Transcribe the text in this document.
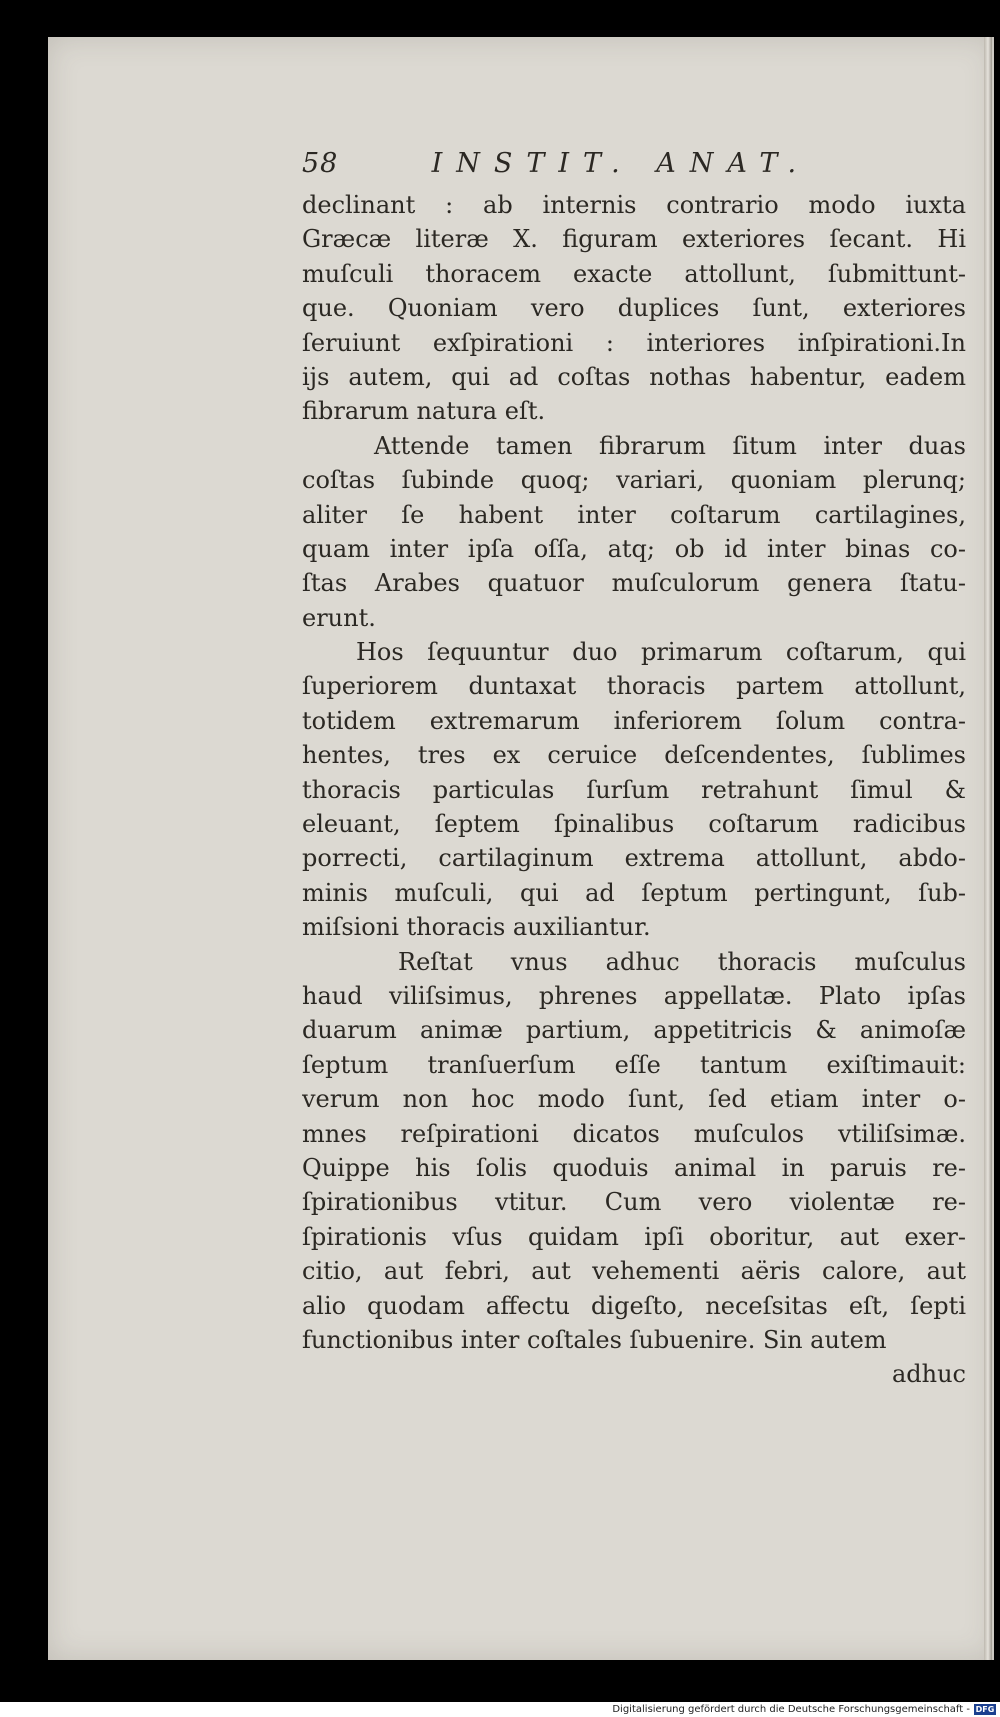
58	INSTIT. ANAT.
declinant : ab internis contrario modo iuxta
Græcæ literæ X. figuram exteriores ſecant. Hi
muſculi thoracem exacte attollunt, ſubmittunt-
que. Quoniam vero duplices ſunt, exteriores
ſeruiunt exſpirationi : interiores inſpirationi.In
ijs autem, qui ad coſtas nothas habentur, eadem
fibrarum natura eſt.
Attende tamen fibrarum ſitum inter duas
coſtas ſubinde quoq; variari, quoniam plerunq;
aliter ſe habent inter coſtarum cartilagines,
quam inter ipſa oſſa, atq; ob id inter binas co-
ſtas Arabes quatuor muſculorum genera ſtatu-
erunt.
Hos ſequuntur duo primarum coſtarum, qui
ſuperiorem duntaxat thoracis partem attollunt,
totidem extremarum inferiorem ſolum contra-
hentes, tres ex ceruice deſcendentes, ſublimes
thoracis particulas ſurſum retrahunt ſimul &
eleuant, ſeptem ſpinalibus coſtarum radicibus
porrecti, cartilaginum extrema attollunt, abdo-
minis muſculi, qui ad ſeptum pertingunt, ſub-
miſsioni thoracis auxiliantur.
Reſtat vnus adhuc thoracis muſculus
haud viliſsimus, phrenes appellatæ. Plato ipſas
duarum animæ partium, appetitricis & animoſæ
ſeptum tranſuerſum eſſe tantum exiſtimauit:
verum non hoc modo ſunt, ſed etiam inter o-
mnes reſpirationi dicatos muſculos vtiliſsimæ.
Quippe his ſolis quoduis animal in paruis re-
ſpirationibus vtitur. Cum vero violentæ re-
ſpirationis vſus quidam ipſi oboritur, aut exer-
citio, aut febri, aut vehementi aëris calore, aut
alio quodam affectu digeſto, neceſsitas eſt, ſepti
functionibus inter coſtales ſubuenire. Sin autem
adhuc
Digitalisierung gefördert durch die Deutsche Forschungsgemeinschaft - DFG
